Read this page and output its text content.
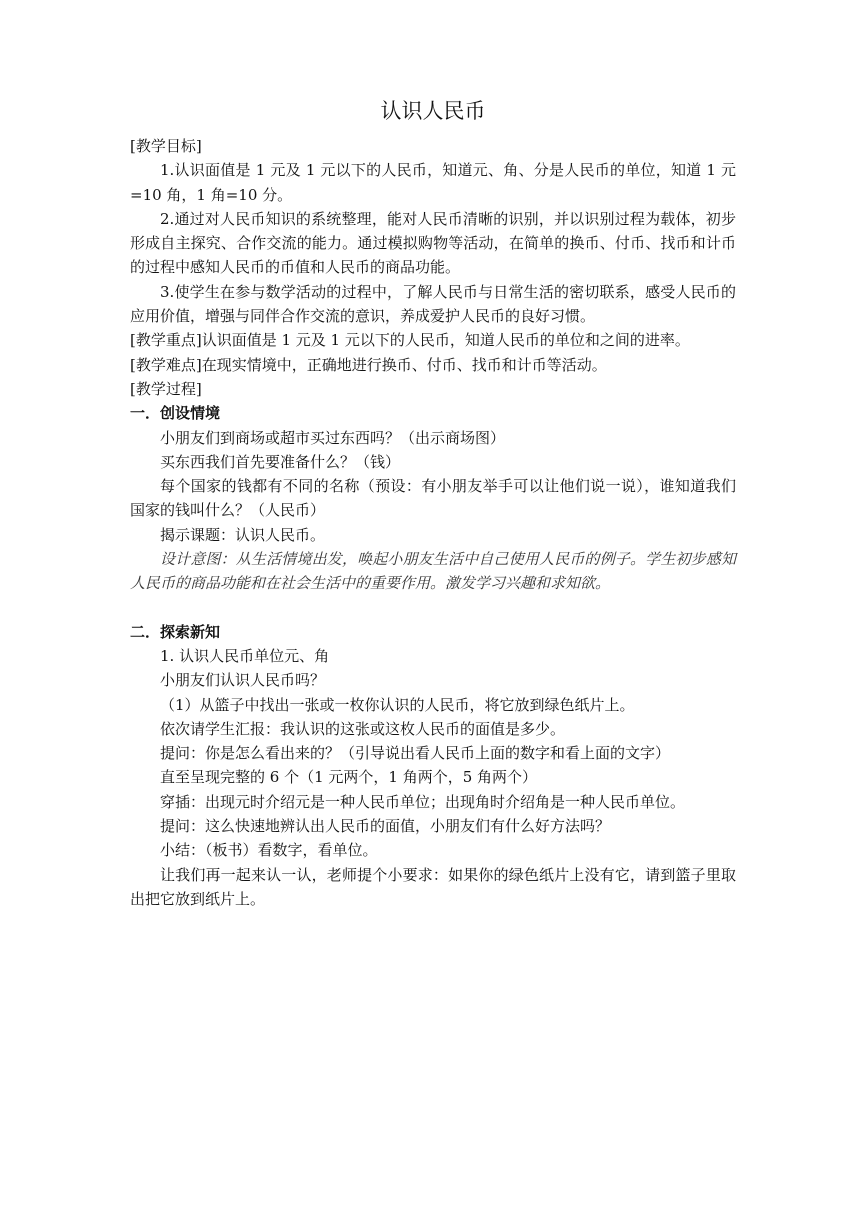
认识人民币

[教学目标]

1.认识面值是 1 元及 1 元以下的人民币，知道元、角、分是人民币的单位，知道 1 元=10 角，1 角=10 分。

2.通过对人民币知识的系统整理，能对人民币清晰的识别，并以识别过程为载体，初步形成自主探究、合作交流的能力。通过模拟购物等活动，在简单的换币、付币、找币和计币的过程中感知人民币的币值和人民币的商品功能。

3.使学生在参与数学活动的过程中，了解人民币与日常生活的密切联系，感受人民币的应用价值，增强与同伴合作交流的意识，养成爱护人民币的良好习惯。

[教学重点]认识面值是 1 元及 1 元以下的人民币，知道人民币的单位和之间的进率。

[教学难点]在现实情境中，正确地进行换币、付币、找币和计币等活动。

[教学过程]

一．创设情境

小朋友们到商场或超市买过东西吗？（出示商场图）

买东西我们首先要准备什么？（钱）

每个国家的钱都有不同的名称（预设：有小朋友举手可以让他们说一说），谁知道我们国家的钱叫什么？（人民币）

揭示课题：认识人民币。

设计意图：从生活情境出发，唤起小朋友生活中自己使用人民币的例子。学生初步感知人民币的商品功能和在社会生活中的重要作用。激发学习兴趣和求知欲。

二．探索新知

1. 认识人民币单位元、角

小朋友们认识人民币吗？

（1）从篮子中找出一张或一枚你认识的人民币，将它放到绿色纸片上。

依次请学生汇报：我认识的这张或这枚人民币的面值是多少。

提问：你是怎么看出来的？（引导说出看人民币上面的数字和看上面的文字）

直至呈现完整的 6 个（1 元两个，1 角两个，5 角两个）

穿插：出现元时介绍元是一种人民币单位；出现角时介绍角是一种人民币单位。

提问：这么快速地辨认出人民币的面值，小朋友们有什么好方法吗？

小结：（板书）看数字，看单位。

让我们再一起来认一认，老师提个小要求：如果你的绿色纸片上没有它，请到篮子里取出把它放到纸片上。
